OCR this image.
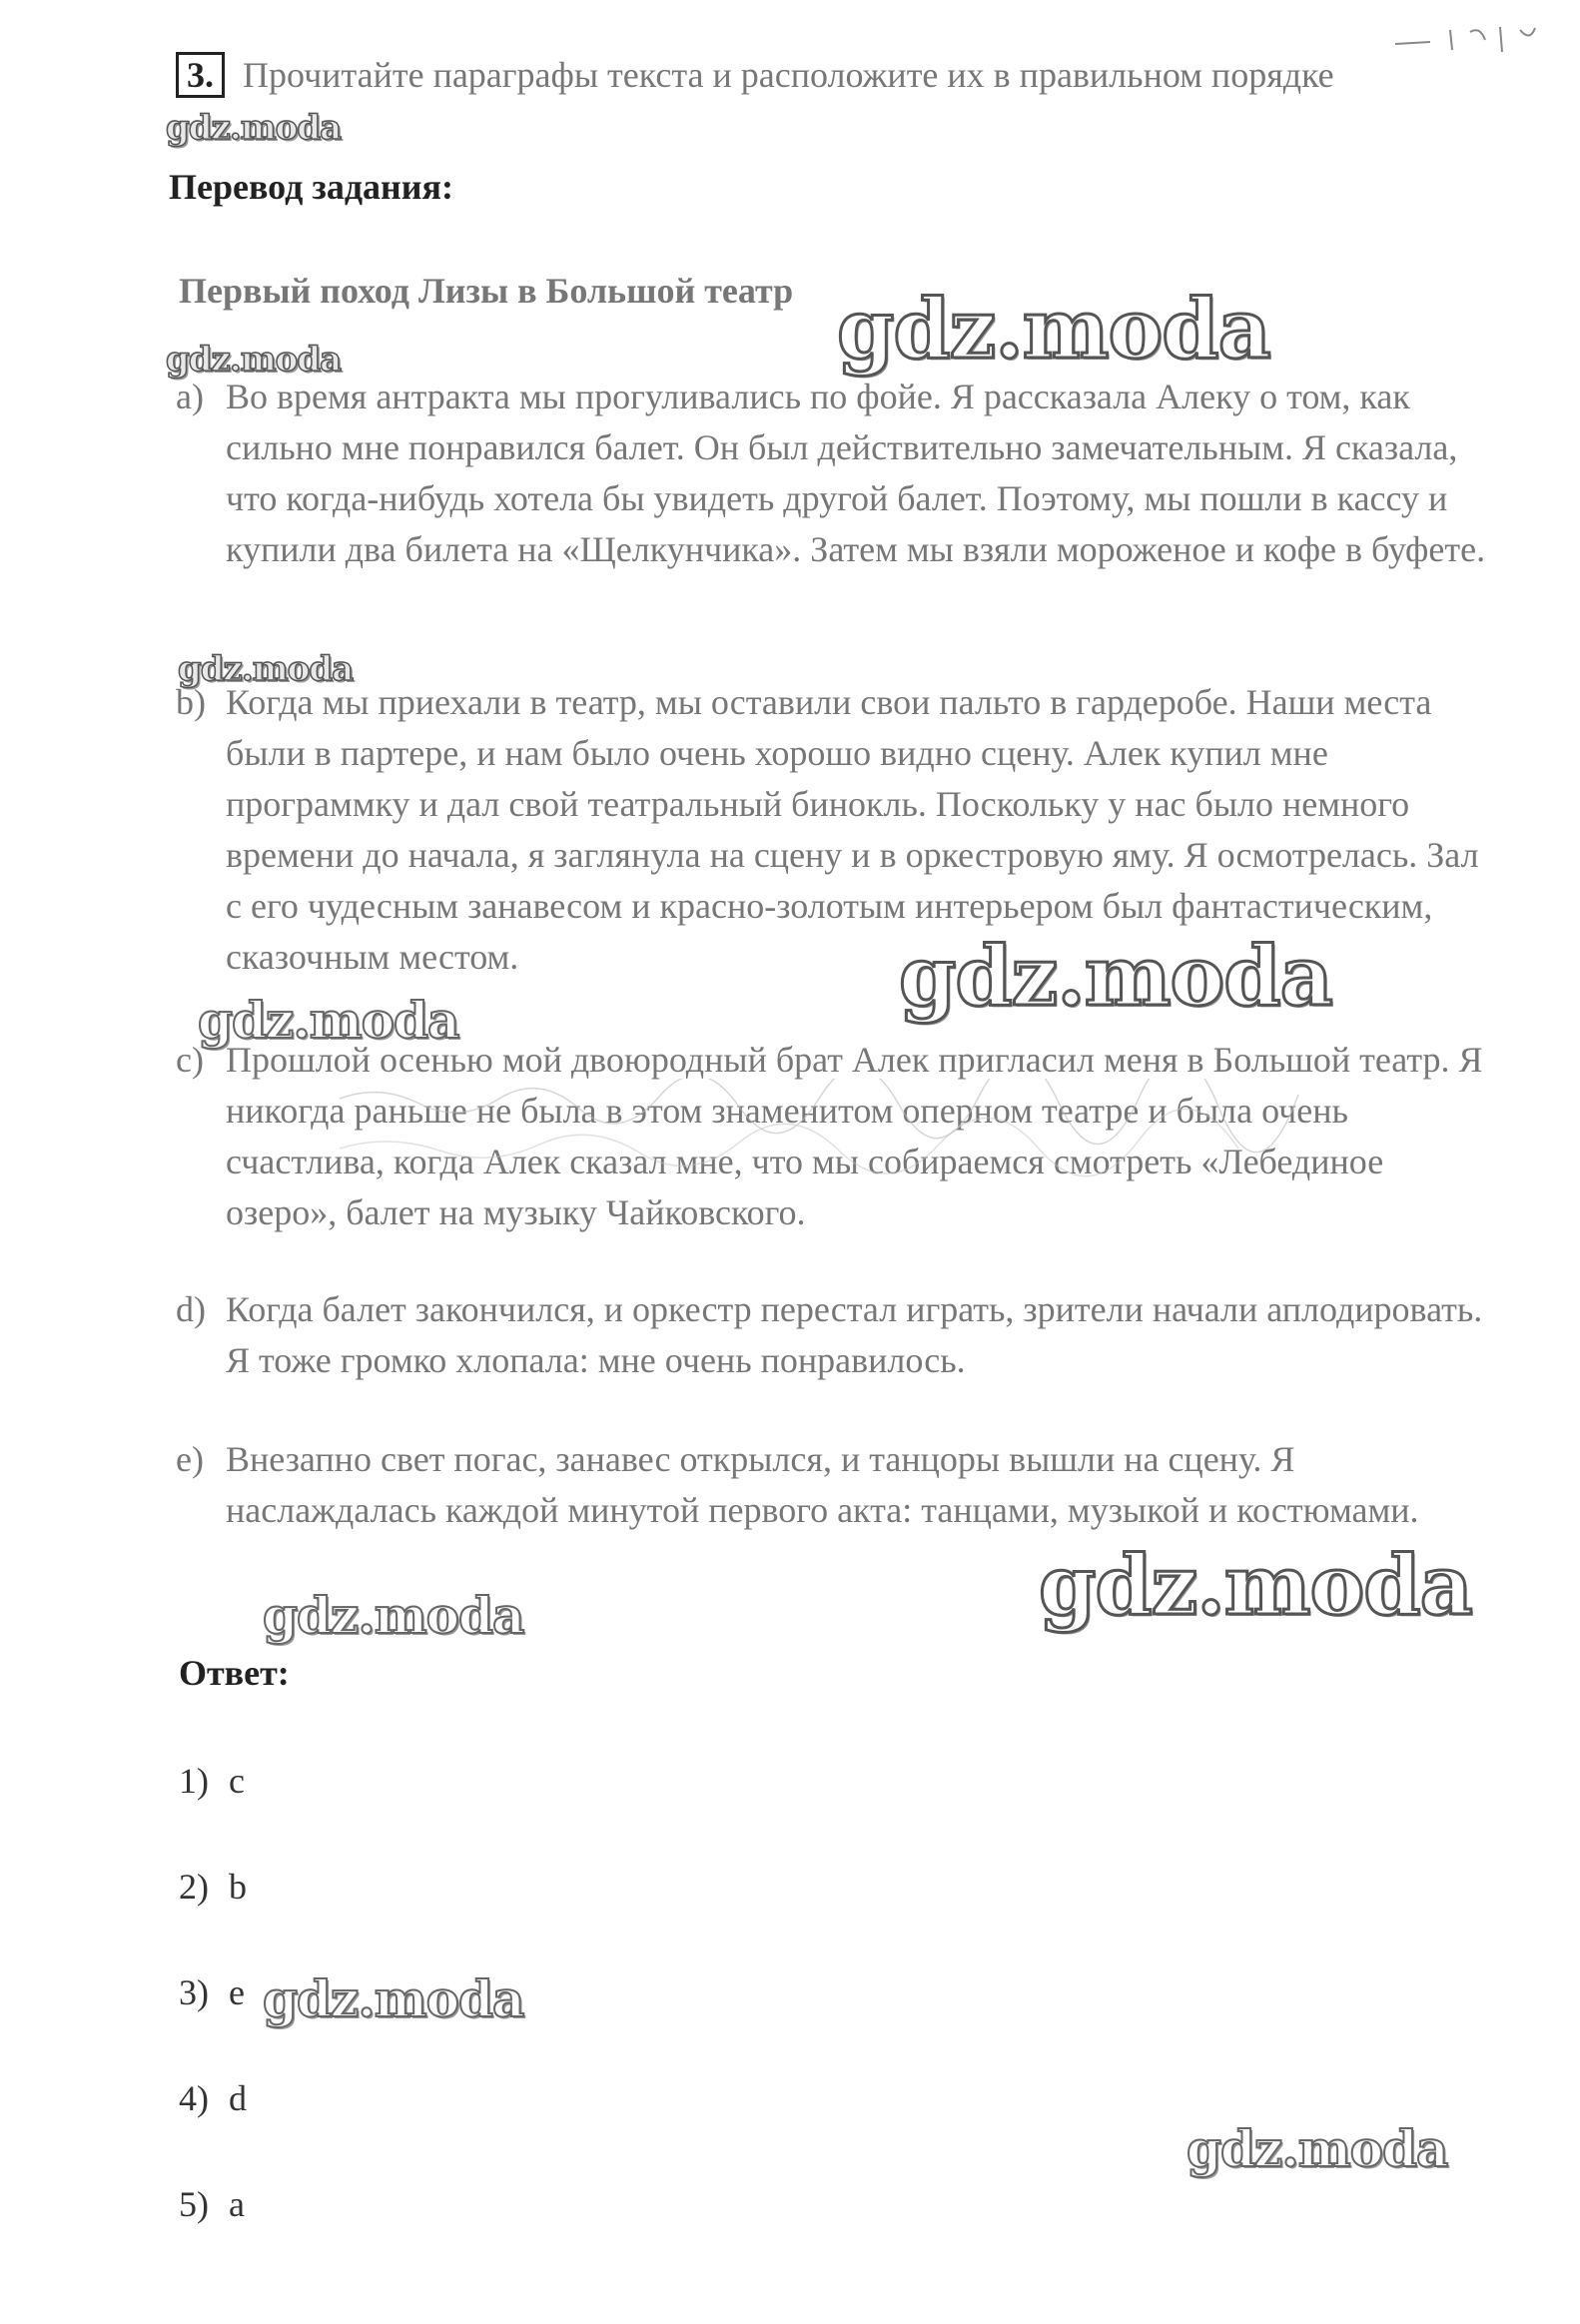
3. Прочитайте параграфы текста и расположите их в правильном порядке
gdz.moda
Перевод задания:
Первый поход Лизы в Большой театр gdz.moda
gdz.moda
a) Во время антракта мы прогуливались по фойе. Я рассказала Алеку о том, как сильно мне понравился балет. Он был действительно замечательным. Я сказала, что когда-нибудь хотела бы увидеть другой балет. Поэтому, мы пошли в кассу и купили два билета на «Щелкунчика». Затем мы взяли мороженое и кофе в буфете.
gdz.moda
b) Когда мы приехали в театр, мы оставили свои пальто в гардеробе. Наши места были в партере, и нам было очень хорошо видно сцену. Алек купил мне программку и дал свой театральный бинокль. Поскольку у нас было немного времени до начала, я заглянула на сцену и в оркестровую яму. Я осмотрелась. Зал с его чудесным занавесом и красно-золотым интерьером был фантастическим, сказочным местом.	gdz.moda
gdz.moda
c) Прошлой осенью мой двоюродный брат Алек пригласил меня в Большой театр. Я никогда раньше не была в этом знаменитом оперном театре и была очень счастлива, когда Алек сказал мне, что мы собираемся смотреть «Лебединое озеро», балет на музыку Чайковского.
d) Когда балет закончился, и оркестр перестал играть, зрители начали аплодировать. Я тоже громко хлопала: мне очень понравилось.
e) Внезапно свет погас, занавес открылся, и танцоры вышли на сцену. Я наслаждалась каждой минутой первого акта: танцами, музыкой и костюмами.
gdz.moda
gdz.moda
Ответ:
1) c
2) b
3) e gdz.moda
4) d
gdz.moda
5) a
